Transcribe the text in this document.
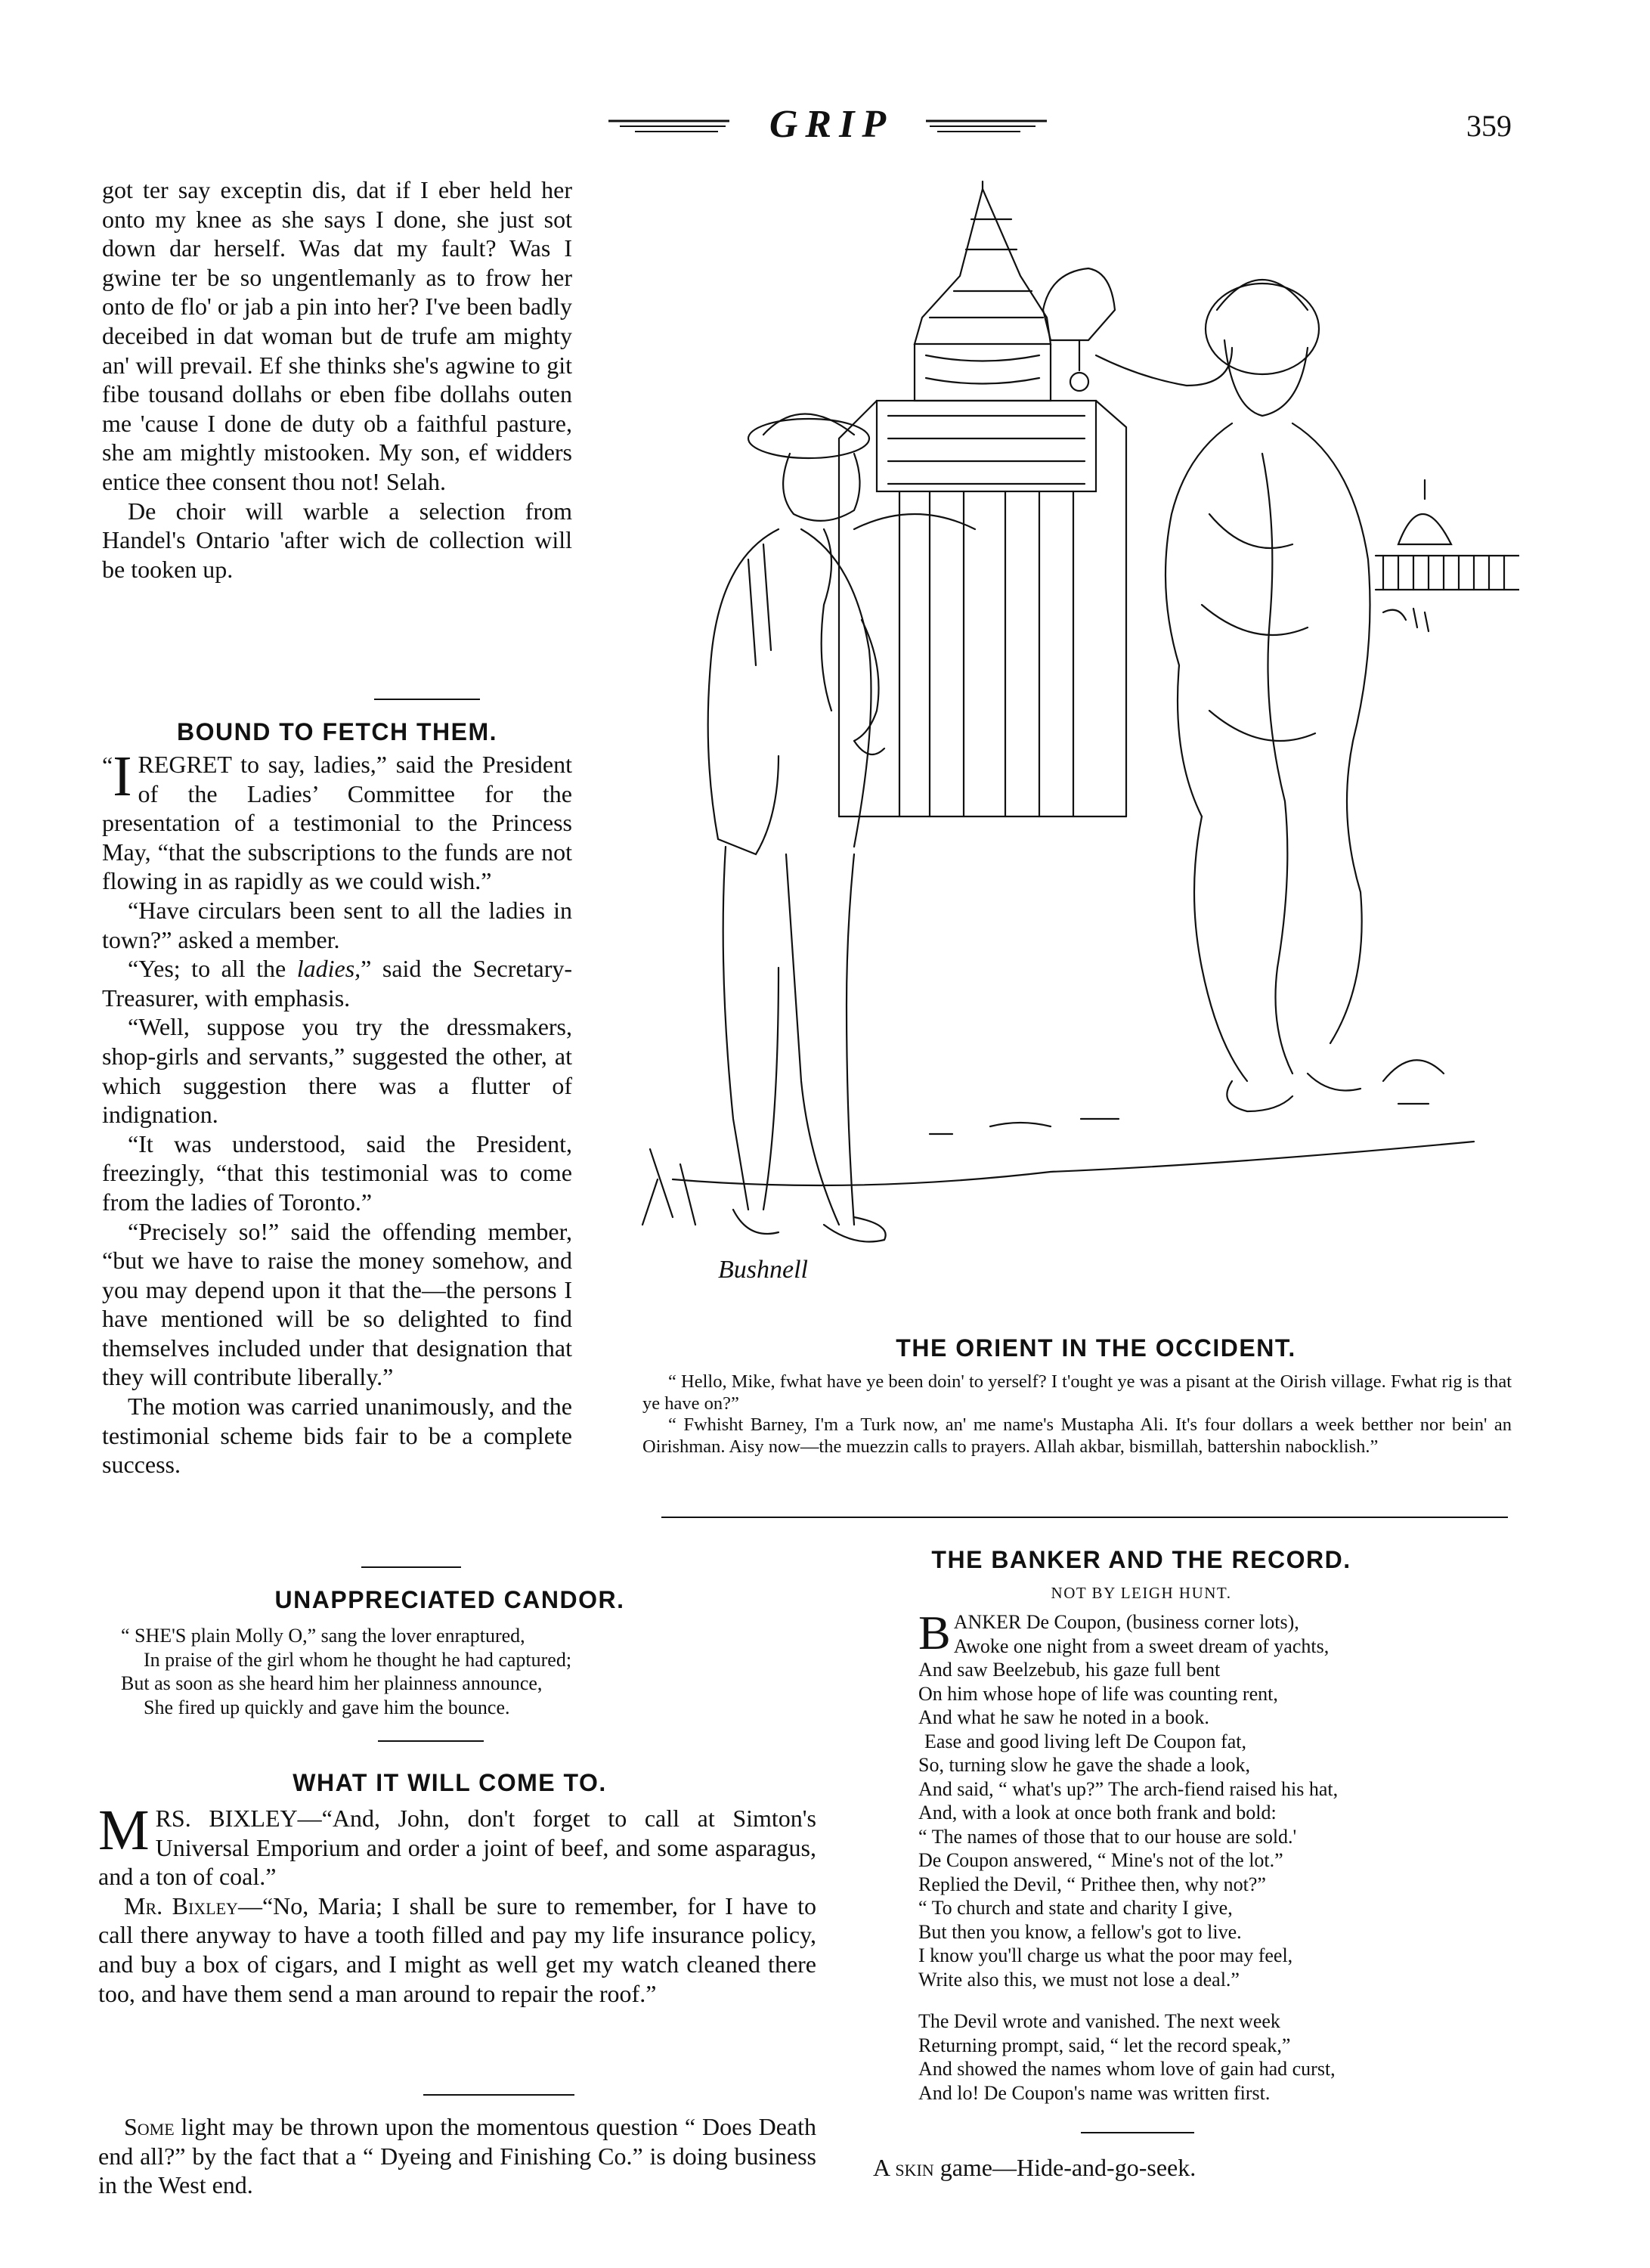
GRIP	359

got ter say exceptin dis, dat if I eber held her onto my knee as she says I done, she just sot down dar herself. Was dat my fault? Was I gwine ter be so ungentlemanly as to frow her onto de flo' or jab a pin into her? I've been badly deceibed in dat woman but de trufe am mighty an' will prevail. Ef she thinks she's agwine to git fibe tousand dollahs or eben fibe dollahs outen me 'cause I done de duty ob a faithful pasture, she am mightly mistooken. My son, ef widders entice thee consent thou not! Selah.

De choir will warble a selection from Handel's Ontario 'after wich de collection will be tooken up.

BOUND TO FETCH THEM.

“ I REGRET to say, ladies,” said the President of the Ladies’ Committee for the presentation of a testimonial to the Princess May, “that the subscriptions to the funds are not flowing in as rapidly as we could wish.”

“Have circulars been sent to all the ladies in town?” asked a member.

“Yes; to all the ladies,” said the Secretary-Treasurer, with emphasis.

“Well, suppose you try the dressmakers, shop-girls and servants,” suggested the other, at which suggestion there was a flutter of indignation.

“It was understood, said the President, freezingly, “that this testimonial was to come from the ladies of Toronto.”

“Precisely so!” said the offending member, “but we have to raise the money somehow, and you may depend upon it that the—the persons I have mentioned will be so delighted to find themselves included under that designation that they will contribute liberally.”

The motion was carried unanimously, and the testimonial scheme bids fair to be a complete success.

UNAPPRECIATED CANDOR.
“ SHE'S plain Molly O,” sang the lover enraptured,
In praise of the girl whom he thought he had captured;
But as soon as she heard him her plainness announce,
She fired up quickly and gave him the bounce.
WHAT IT WILL COME TO.

MRS. BIXLEY—“And, John, don't forget to call at Simton's Universal Emporium and order a joint of beef, and some asparagus, and a ton of coal.”

Mr. Bixley—“No, Maria; I shall be sure to remember, for I have to call there anyway to have a tooth filled and pay my life insurance policy, and buy a box of cigars, and I might as well get my watch cleaned there too, and have them send a man around to repair the roof.”

Some light may be thrown upon the momentous question “ Does Death end all?” by the fact that a “ Dyeing and Finishing Co.” is doing business in the West end.

Bushnell
THE ORIENT IN THE OCCIDENT.

“ Hello, Mike, fwhat have ye been doin' to yerself? I t'ought ye was a pisant at the Oirish village. Fwhat rig is that ye have on?”

“ Fwhisht Barney, I'm a Turk now, an' me name's Mustapha Ali. It's four dollars a week betther nor bein' an Oirishman. Aisy now—the muezzin calls to prayers. Allah akbar, bismillah, battershin nabocklish.”

THE BANKER AND THE RECORD.
NOT BY LEIGH HUNT.
B ANKER De Coupon, (business corner lots),
Awoke one night from a sweet dream of yachts,
And saw Beelzebub, his gaze full bent
On him whose hope of life was counting rent,
And what he saw he noted in a book.
Ease and good living left De Coupon fat,
So, turning slow he gave the shade a look,
And said, “ what's up?” The arch-fiend raised his hat,
And, with a look at once both frank and bold:
“ The names of those that to our house are sold.'
De Coupon answered, “ Mine's not of the lot.”
Replied the Devil, “ Prithee then, why not?”
“ To church and state and charity I give,
But then you know, a fellow's got to live.
I know you'll charge us what the poor may feel,
Write also this, we must not lose a deal.”
The Devil wrote and vanished. The next week
Returning prompt, said, “ let the record speak,”
And showed the names whom love of gain had curst,
And lo! De Coupon's name was written first.
A skin game—Hide-and-go-seek.
